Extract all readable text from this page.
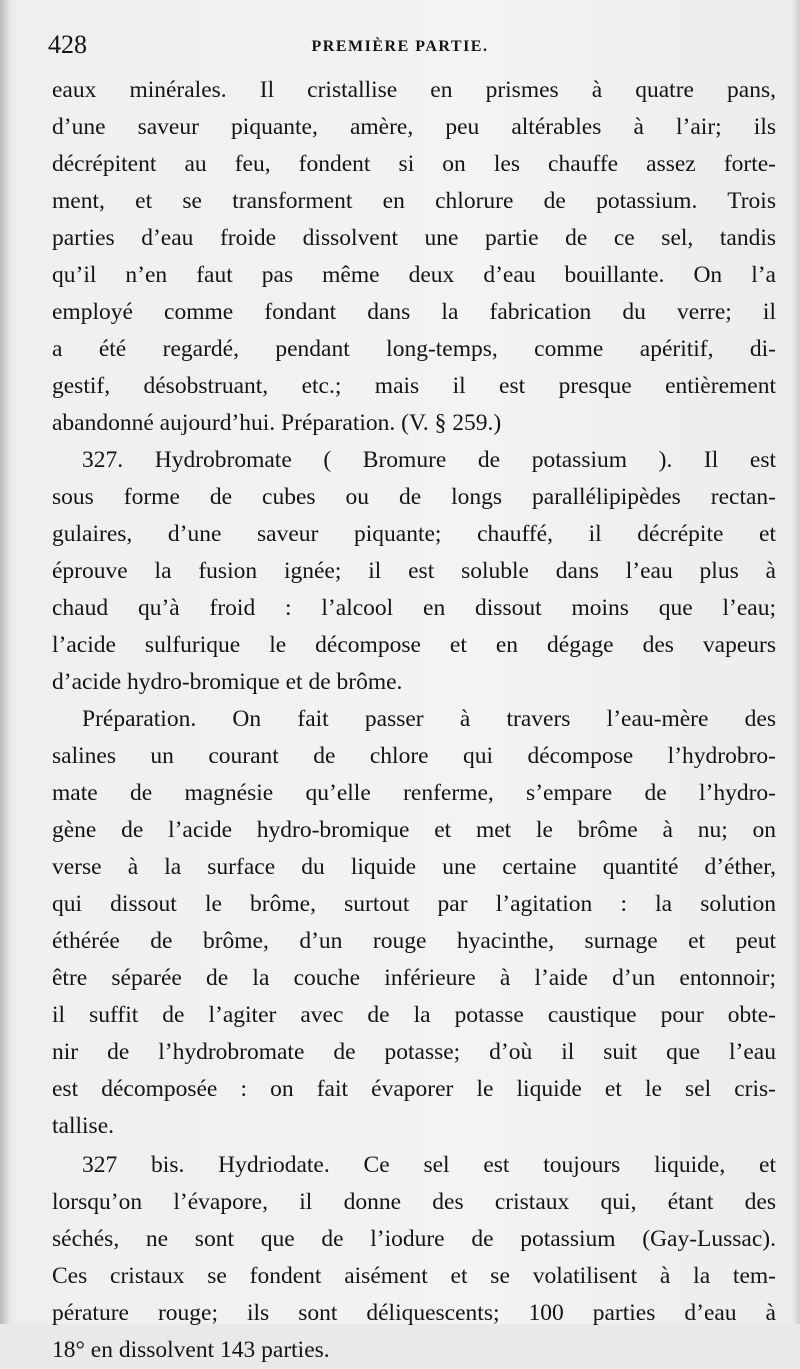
428	PREMIÈRE PARTIE.
eaux minérales. Il cristallise en prismes à quatre pans,
d’une saveur piquante, amère, peu altérables à l’air; ils
décrépitent au feu, fondent si on les chauffe assez forte-
ment, et se transforment en chlorure de potassium. Trois
parties d’eau froide dissolvent une partie de ce sel, tandis
qu’il n’en faut pas même deux d’eau bouillante. On l’a
employé comme fondant dans la fabrication du verre; il
a été regardé, pendant long-temps, comme apéritif, di-
gestif, désobstruant, etc.; mais il est presque entièrement
abandonné aujourd’hui. Préparation. (V. § 259.)
327. Hydrobromate ( Bromure de potassium ). Il est
sous forme de cubes ou de longs parallélipipèdes rectan-
gulaires, d’une saveur piquante; chauffé, il décrépite et
éprouve la fusion ignée; il est soluble dans l’eau plus à
chaud qu’à froid : l’alcool en dissout moins que l’eau;
l’acide sulfurique le décompose et en dégage des vapeurs
d’acide hydro-bromique et de brôme.
Préparation. On fait passer à travers l’eau-mère des
salines un courant de chlore qui décompose l’hydrobro-
mate de magnésie qu’elle renferme, s’empare de l’hydro-
gène de l’acide hydro-bromique et met le brôme à nu; on
verse à la surface du liquide une certaine quantité d’éther,
qui dissout le brôme, surtout par l’agitation : la solution
éthérée de brôme, d’un rouge hyacinthe, surnage et peut
être séparée de la couche inférieure à l’aide d’un entonnoir;
il suffit de l’agiter avec de la potasse caustique pour obte-
nir de l’hydrobromate de potasse; d’où il suit que l’eau
est décomposée : on fait évaporer le liquide et le sel cris-
tallise.
327 bis. Hydriodate. Ce sel est toujours liquide, et
lorsqu’on l’évapore, il donne des cristaux qui, étant des
séchés, ne sont que de l’iodure de potassium (Gay-Lussac).
Ces cristaux se fondent aisément et se volatilisent à la tem-
pérature rouge; ils sont déliquescents; 100 parties d’eau à
18° en dissolvent 143 parties.
